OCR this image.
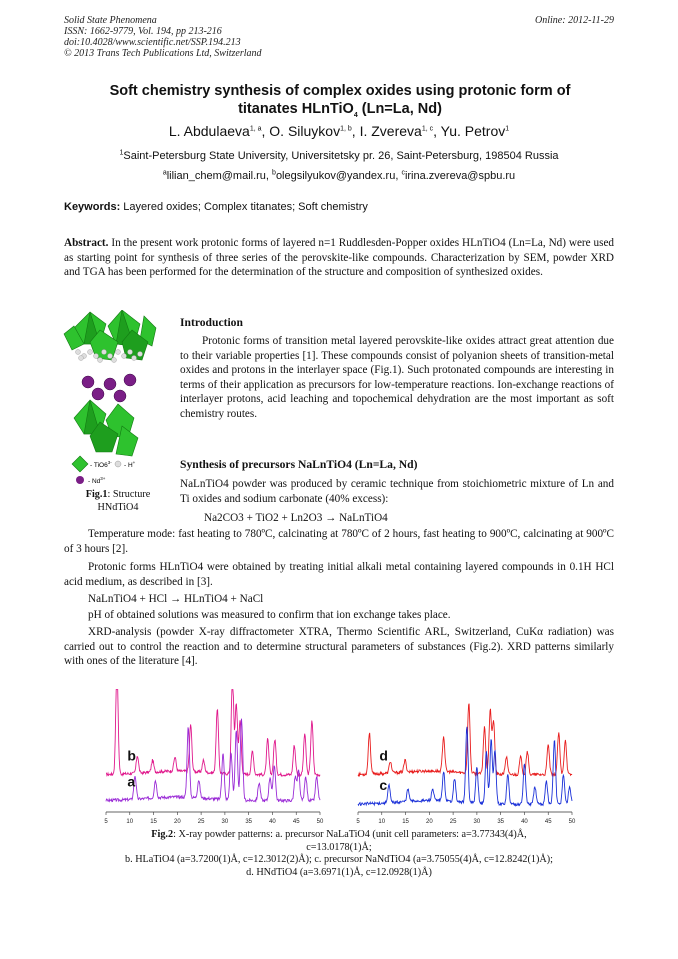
Solid State Phenomena
ISSN: 1662-9779, Vol. 194, pp 213-216
doi:10.4028/www.scientific.net/SSP.194.213
© 2013 Trans Tech Publications Ltd, Switzerland
Online: 2012-11-29
Soft chemistry synthesis of complex oxides using protonic form of
titanates HLnTiO$_4$ (Ln=La, Nd)
L. Abdulaeva$^{1, a}$, O. Siluykov$^{1, b}$, I. Zvereva$^{1, c}$, Yu. Petrov$^1$
$^1$Saint-Petersburg State University, Universitetsky pr. 26, Saint-Petersburg, 198504 Russia
$^a$lilian_chem@mail.ru, $^b$olegsilyukov@yandex.ru, $^c$irina.zvereva@spbu.ru
Keywords: Layered oxides; Complex titanates; Soft chemistry
Abstract. In the present work protonic forms of layered n=1 Ruddlesden-Popper oxides HLnTiO4 (Ln=La, Nd) were used as starting point for synthesis of three series of the perovskite-like compounds. Characterization by SEM, powder XRD and TGA has been performed for the determination of the structure and composition of synthesized oxides.
- $TiO6^{3-} - H^+$
- $Nd^{3+}$
Fig.1: Structure
HNdTiO4
Introduction
Protonic forms of transition metal layered perovskite-like oxides attract great attention due to their variable properties [1]. These compounds consist of polyanion sheets of transition-metal oxides and protons in the interlayer space (Fig.1). Such protonated compounds are interesting in terms of their application as precursors for low-temperature reactions. Ion-exchange reactions of interlayer protons, acid leaching and topochemical dehydration are the most important as soft chemistry routes.
Synthesis of precursors NaLnTiO4 (Ln=La, Nd)
NaLnTiO4 powder was produced by ceramic technique from stoichiometric mixture of Ln and Ti oxides and sodium carbonate (40% excess):
Na2CO3 + TiO2 + Ln2O3 → NaLnTiO4
Temperature mode: fast heating to 780ºC, calcinating at 780ºC of 2 hours, fast heating to 900ºC, calcinating at 900ºC of 3 hours [2].
Protonic forms HLnTiO4 were obtained by treating initial alkali metal containing layered compounds in 0.1H HCl acid medium, as described in [3].
NaLnTiO4 + HCl → HLnTiO4 + NaCl
pH of obtained solutions was measured to confirm that ion exchange takes place.
XRD-analysis (powder X-ray diffractometer XTRA, Thermo Scientific ARL, Switzerland, CuKα radiation) was carried out to control the reaction and to determine structural parameters of substances (Fig.2). XRD patterns similarly with ones of the literature [4].
5	10	15	20	25	30	35	40	45	50
b
a
5	10	15	20	25	30	35	40	45	50
d
c
Fig.2: X-ray powder patterns: a. precursor NaLaTiO4 (unit cell parameters: a=3.77343(4)Å,
c=13.0178(1)Å;
b. HLaTiO4 (a=3.7200(1)Å, c=12.3012(2)Å); c. precursor NaNdTiO4 (a=3.75055(4)Å, c=12.8242(1)Å);
d. HNdTiO4 (a=3.6971(1)Å, c=12.0928(1)Å)
